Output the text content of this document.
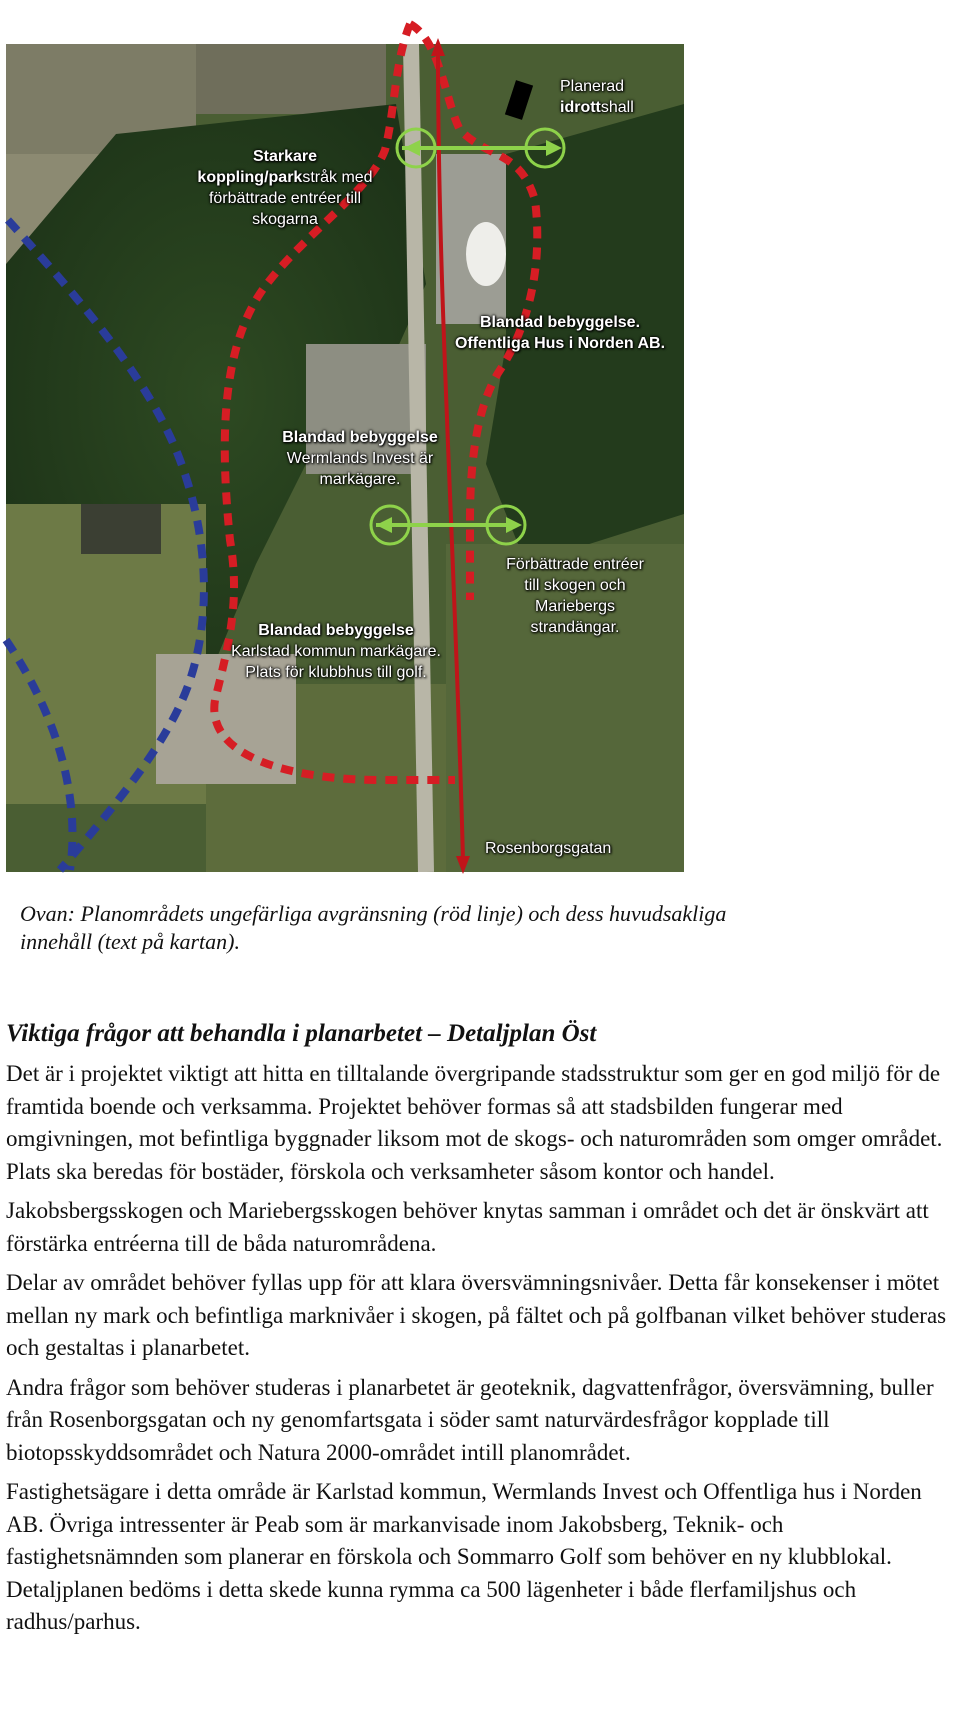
Planerad
idrottshall
Starkare
koppling/parkstråk med
förbättrade entréer till
skogarna
Blandad bebyggelse.
Offentliga Hus i Norden AB.
Blandad bebyggelse
Wermlands Invest är
markägare.
Förbättrade entréer
till skogen och
Mariebergs
strandängar.
Blandad bebyggelse
Karlstad kommun markägare.
Plats för klubbhus till golf.
Rosenborgsgatan
Ovan: Planområdets ungefärliga avgränsning (röd linje) och dess huvudsakliga
innehåll (text på kartan).
Viktiga frågor att behandla i planarbetet – Detaljplan Öst

Det är i projektet viktigt att hitta en tilltalande övergripande stadsstruktur som ger en god miljö för de framtida boende och verksamma. Projektet behöver formas så att stadsbilden fungerar med omgivningen, mot befintliga byggnader liksom mot de skogs- och naturområden som omger området. Plats ska beredas för bostäder, förskola och verksamheter såsom kontor och handel.

Jakobsbergsskogen och Mariebergsskogen behöver knytas samman i området och det är önskvärt att förstärka entréerna till de båda naturområdena.

Delar av området behöver fyllas upp för att klara översvämningsnivåer. Detta får konsekenser i mötet mellan ny mark och befintliga marknivåer i skogen, på fältet och på golfbanan vilket behöver studeras och gestaltas i planarbetet.

Andra frågor som behöver studeras i planarbetet är geoteknik, dagvattenfrågor, översvämning, buller från Rosenborgsgatan och ny genomfartsgata i söder samt naturvärdesfrågor kopplade till biotopsskyddsområdet och Natura 2000-området intill planområdet.

Fastighetsägare i detta område är Karlstad kommun, Wermlands Invest och Offentliga hus i Norden AB. Övriga intressenter är Peab som är markanvisade inom Jakobsberg, Teknik- och fastighetsnämnden som planerar en förskola och Sommarro Golf som behöver en ny klubblokal. Detaljplanen bedöms i detta skede kunna rymma ca 500 lägenheter i både flerfamiljshus och radhus/parhus.
